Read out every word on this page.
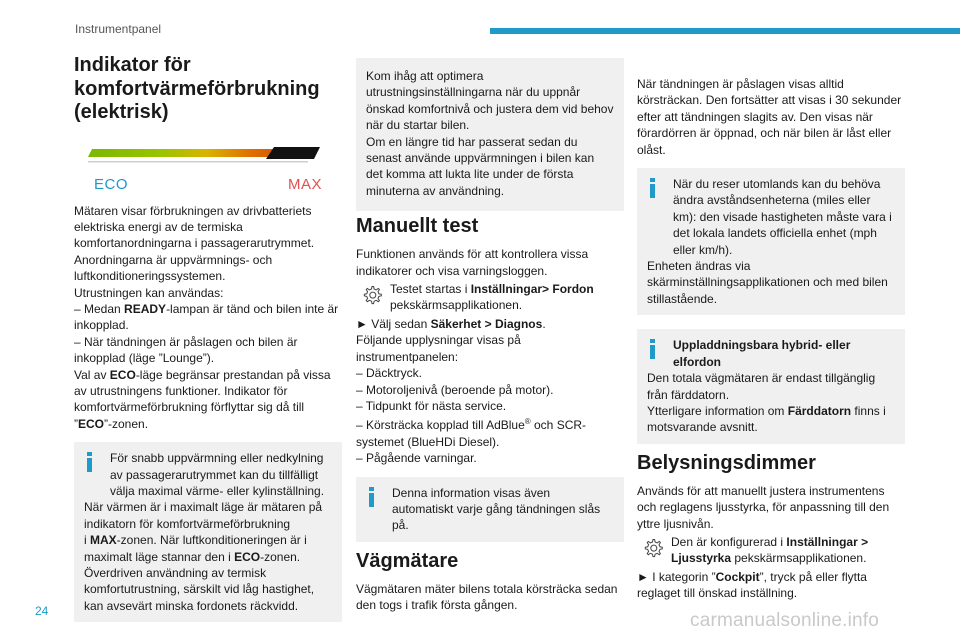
Instrumentpanel
Indikator för komfortvärmeförbrukning (elektrisk)
ECO	MAX

Mätaren visar förbrukningen av drivbatteriets elektriska energi av de termiska komfortanordningarna i passagerarutrymmet.

Anordningarna är uppvärmnings- och luftkonditioneringssystemen.

Utrustningen kan användas:

– Medan READY-lampan är tänd och bilen inte är inkopplad.

– När tändningen är påslagen och bilen är inkopplad (läge ”Lounge”).

Val av ECO-läge begränsar prestandan på vissa av utrustningens funktioner. Indikator för komfortvärmeförbrukning förflyttar sig då till ”ECO”-zonen.

För snabb uppvärmning eller nedkylning av passagerarutrymmet kan du tillfälligt välja maximal värme- eller kylinställning.

När värmen är i maximalt läge är mätaren på indikatorn för komfortvärmeförbrukning

i MAX-zonen. När luftkonditioneringen är i maximalt läge stannar den i ECO-zonen.

Överdriven användning av termisk komfortutrustning, särskilt vid låg hastighet, kan avsevärt minska fordonets räckvidd.

Kom ihåg att optimera utrustningsinställningarna när du uppnår önskad komfortnivå och justera dem vid behov när du startar bilen.

Om en längre tid har passerat sedan du senast använde uppvärmningen i bilen kan det komma att lukta lite under de första minuterna av användning.

Manuellt test

Funktionen används för att kontrollera vissa indikatorer och visa varningsloggen.

Testet startas i Inställningar> Fordon pekskärmsapplikationen.

► Välj sedan Säkerhet > Diagnos.

Följande upplysningar visas på instrumentpanelen:

– Däcktryck.

– Motoroljenivå (beroende på motor).

– Tidpunkt för nästa service.

– Körsträcka kopplad till AdBlue® och SCR-systemet (BlueHDi Diesel).

– Pågående varningar.

Denna information visas även automatiskt varje gång tändningen slås på.

Vägmätare

Vägmätaren mäter bilens totala körsträcka sedan den togs i trafik första gången.

När tändningen är påslagen visas alltid körsträckan. Den fortsätter att visas i 30 sekunder efter att tändningen slagits av. Den visas när förardörren är öppnad, och när bilen är låst eller olåst.

När du reser utomlands kan du behöva ändra avståndsenheterna (miles eller km): den visade hastigheten måste vara i det lokala landets officiella enhet (mph eller km/h).

Enheten ändras via skärminställningsapplikationen och med bilen stillastående.

Uppladdningsbara hybrid- eller elfordon

Den totala vägmätaren är endast tillgänglig från färddatorn.

Ytterligare information om Färddatorn finns i motsvarande avsnitt.

Belysningsdimmer

Används för att manuellt justera instrumentens och reglagens ljusstyrka, för anpassning till den yttre ljusnivån.

Den är konfigurerad i Inställningar > Ljusstyrka pekskärmsapplikationen.

► I kategorin ”Cockpit”, tryck på eller flytta reglaget till önskad inställning.

24	carmanualsonline.info
